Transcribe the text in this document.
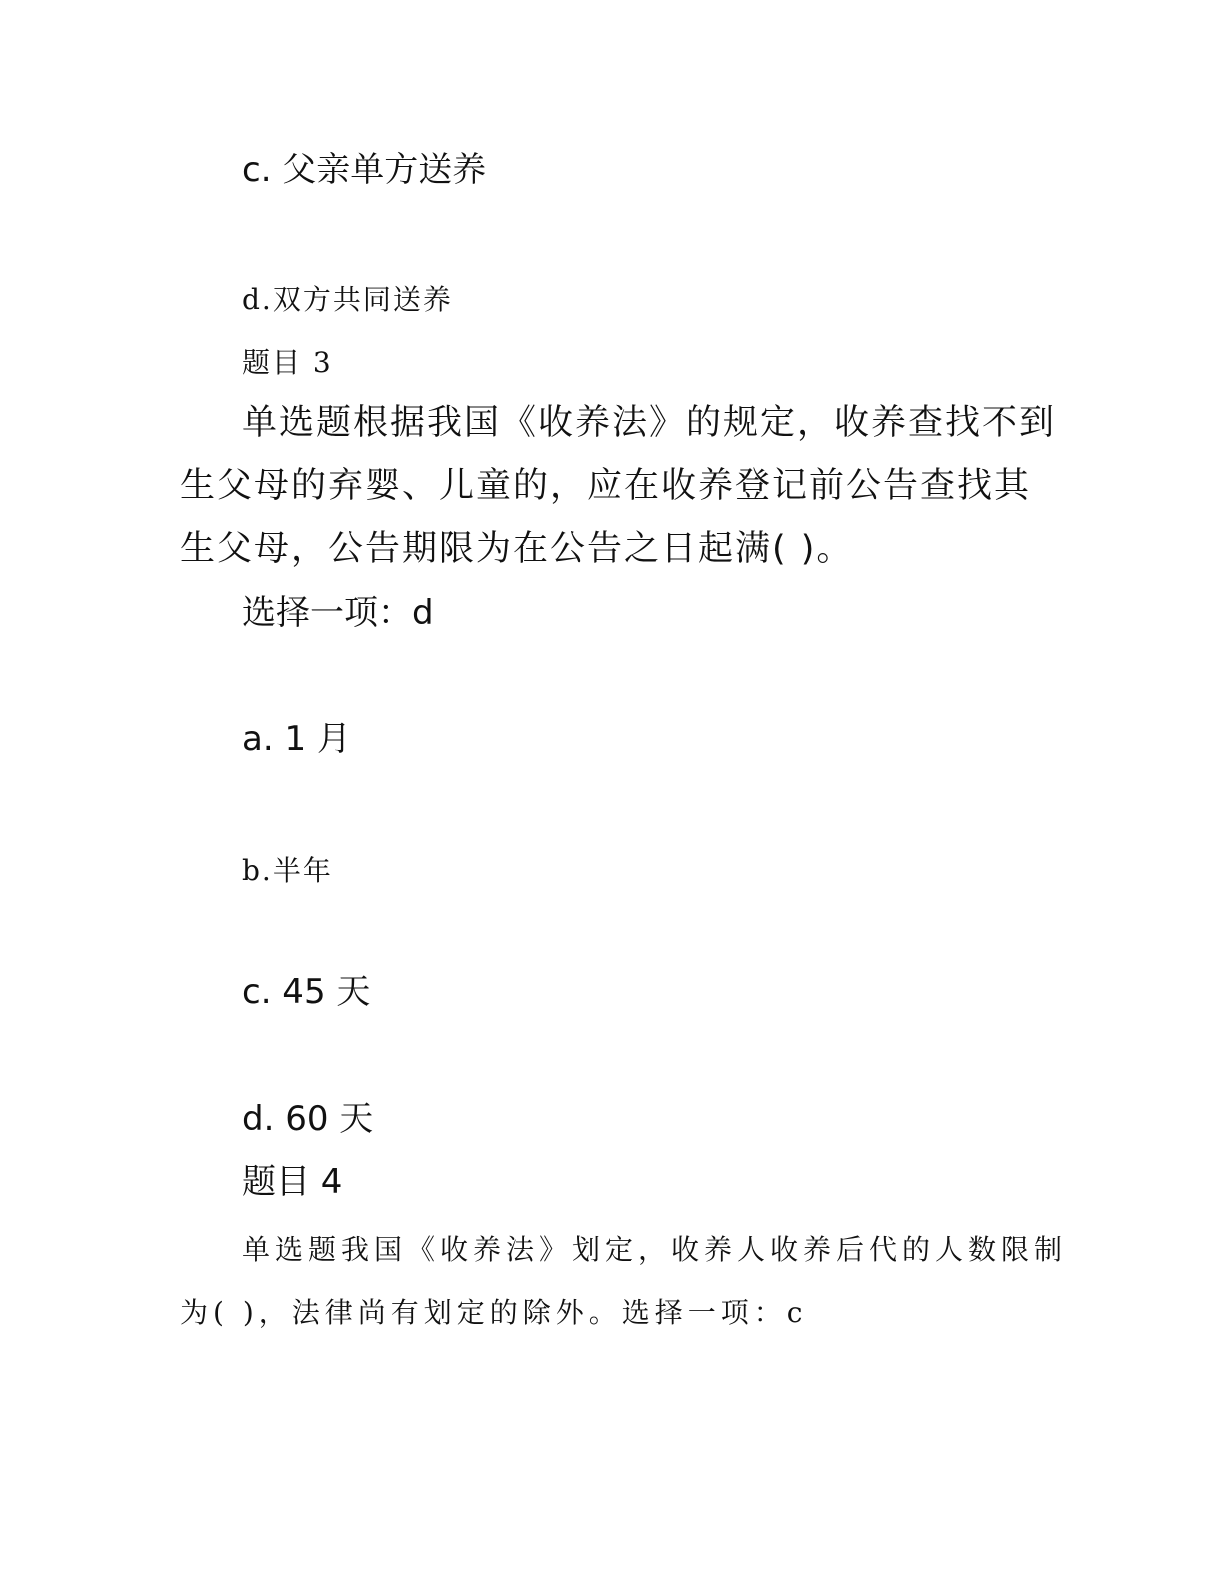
c. 父亲单方送养
d.双方共同送养
题目 3
单选题根据我国《收养法》的规定，收养查找不到
生父母的弃婴、儿童的，应在收养登记前公告查找其
生父母，公告期限为在公告之日起满( )。
选择一项：d
a. 1 月
b.半年
c. 45 天
d. 60 天
题目 4
单选题我国《收养法》划定，收养人收养后代的人数限制
为( )，法律尚有划定的除外。选择一项：c
